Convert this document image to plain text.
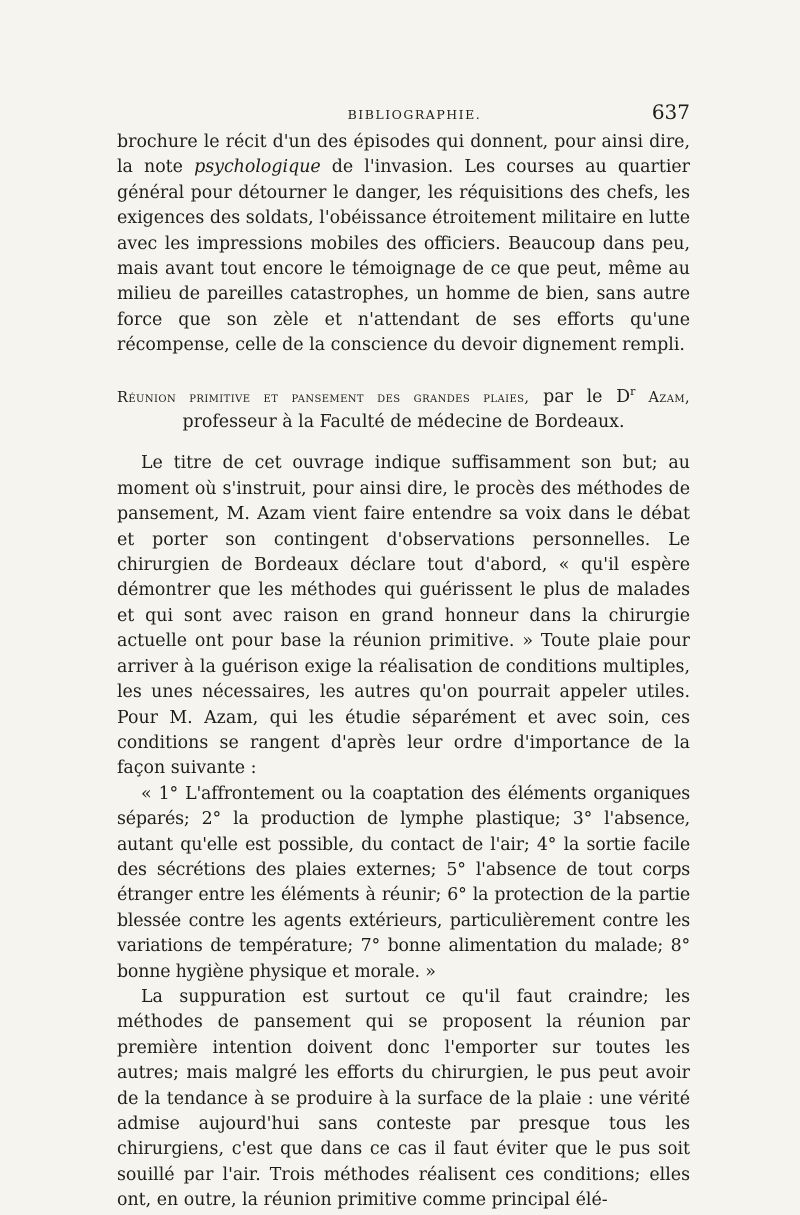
BIBLIOGRAPHIE.	637

brochure le récit d'un des épisodes qui donnent, pour ainsi dire, la note psychologique de l'invasion. Les courses au quartier général pour détourner le danger, les réquisitions des chefs, les exigences des soldats, l'obéissance étroitement militaire en lutte avec les impressions mobiles des officiers. Beaucoup dans peu, mais avant tout encore le témoignage de ce que peut, même au milieu de pareilles catastrophes, un homme de bien, sans autre force que son zèle et n'attendant de ses efforts qu'une récompense, celle de la conscience du devoir dignement rempli.

Réunion primitive et pansement des grandes plaies, par le $D^r$ Azam,
professeur à la Faculté de médecine de Bordeaux.

Le titre de cet ouvrage indique suffisamment son but; au moment où s'instruit, pour ainsi dire, le procès des méthodes de pansement, M. Azam vient faire entendre sa voix dans le débat et porter son contingent d'observations personnelles. Le chirurgien de Bordeaux déclare tout d'abord, « qu'il espère démontrer que les méthodes qui guérissent le plus de malades et qui sont avec raison en grand honneur dans la chirurgie actuelle ont pour base la réunion primitive. » Toute plaie pour arriver à la guérison exige la réalisation de conditions multiples, les unes nécessaires, les autres qu'on pourrait appeler utiles. Pour M. Azam, qui les étudie séparément et avec soin, ces conditions se rangent d'après leur ordre d'importance de la façon suivante :

« 1° L'affrontement ou la coaptation des éléments organiques séparés; 2° la production de lymphe plastique; 3° l'absence, autant qu'elle est possible, du contact de l'air; 4° la sortie facile des sécrétions des plaies externes; 5° l'absence de tout corps étranger entre les éléments à réunir; 6° la protection de la partie blessée contre les agents extérieurs, particulièrement contre les variations de température; 7° bonne alimentation du malade; 8° bonne hygiène physique et morale. »

La suppuration est surtout ce qu'il faut craindre; les méthodes de pansement qui se proposent la réunion par première intention doivent donc l'emporter sur toutes les autres; mais malgré les efforts du chirurgien, le pus peut avoir de la tendance à se produire à la surface de la plaie : une vérité admise aujourd'hui sans conteste par presque tous les chirurgiens, c'est que dans ce cas il faut éviter que le pus soit souillé par l'air. Trois méthodes réalisent ces conditions; elles ont, en outre, la réunion primitive comme principal élé-
